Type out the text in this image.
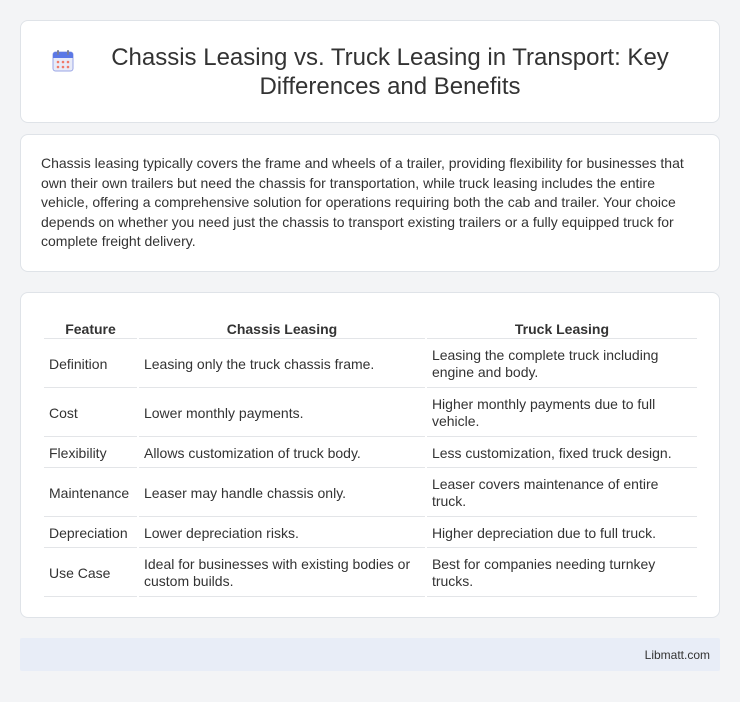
Chassis Leasing vs. Truck Leasing in Transport: Key Differences and Benefits

Chassis leasing typically covers the frame and wheels of a trailer, providing flexibility for businesses that own their own trailers but need the chassis for transportation, while truck leasing includes the entire vehicle, offering a comprehensive solution for operations requiring both the cab and trailer. Your choice depends on whether you need just the chassis to transport existing trailers or a fully equipped truck for complete freight delivery.

Feature	Chassis Leasing	Truck Leasing
Definition	Leasing only the truck chassis frame.	Leasing the complete truck including engine and body.
Cost	Lower monthly payments.	Higher monthly payments due to full vehicle.
Flexibility	Allows customization of truck body.	Less customization, fixed truck design.
Maintenance	Leaser may handle chassis only.	Leaser covers maintenance of entire truck.
Depreciation	Lower depreciation risks.	Higher depreciation due to full truck.
Use Case	Ideal for businesses with existing bodies or custom builds.	Best for companies needing turnkey trucks.
Libmatt.com
